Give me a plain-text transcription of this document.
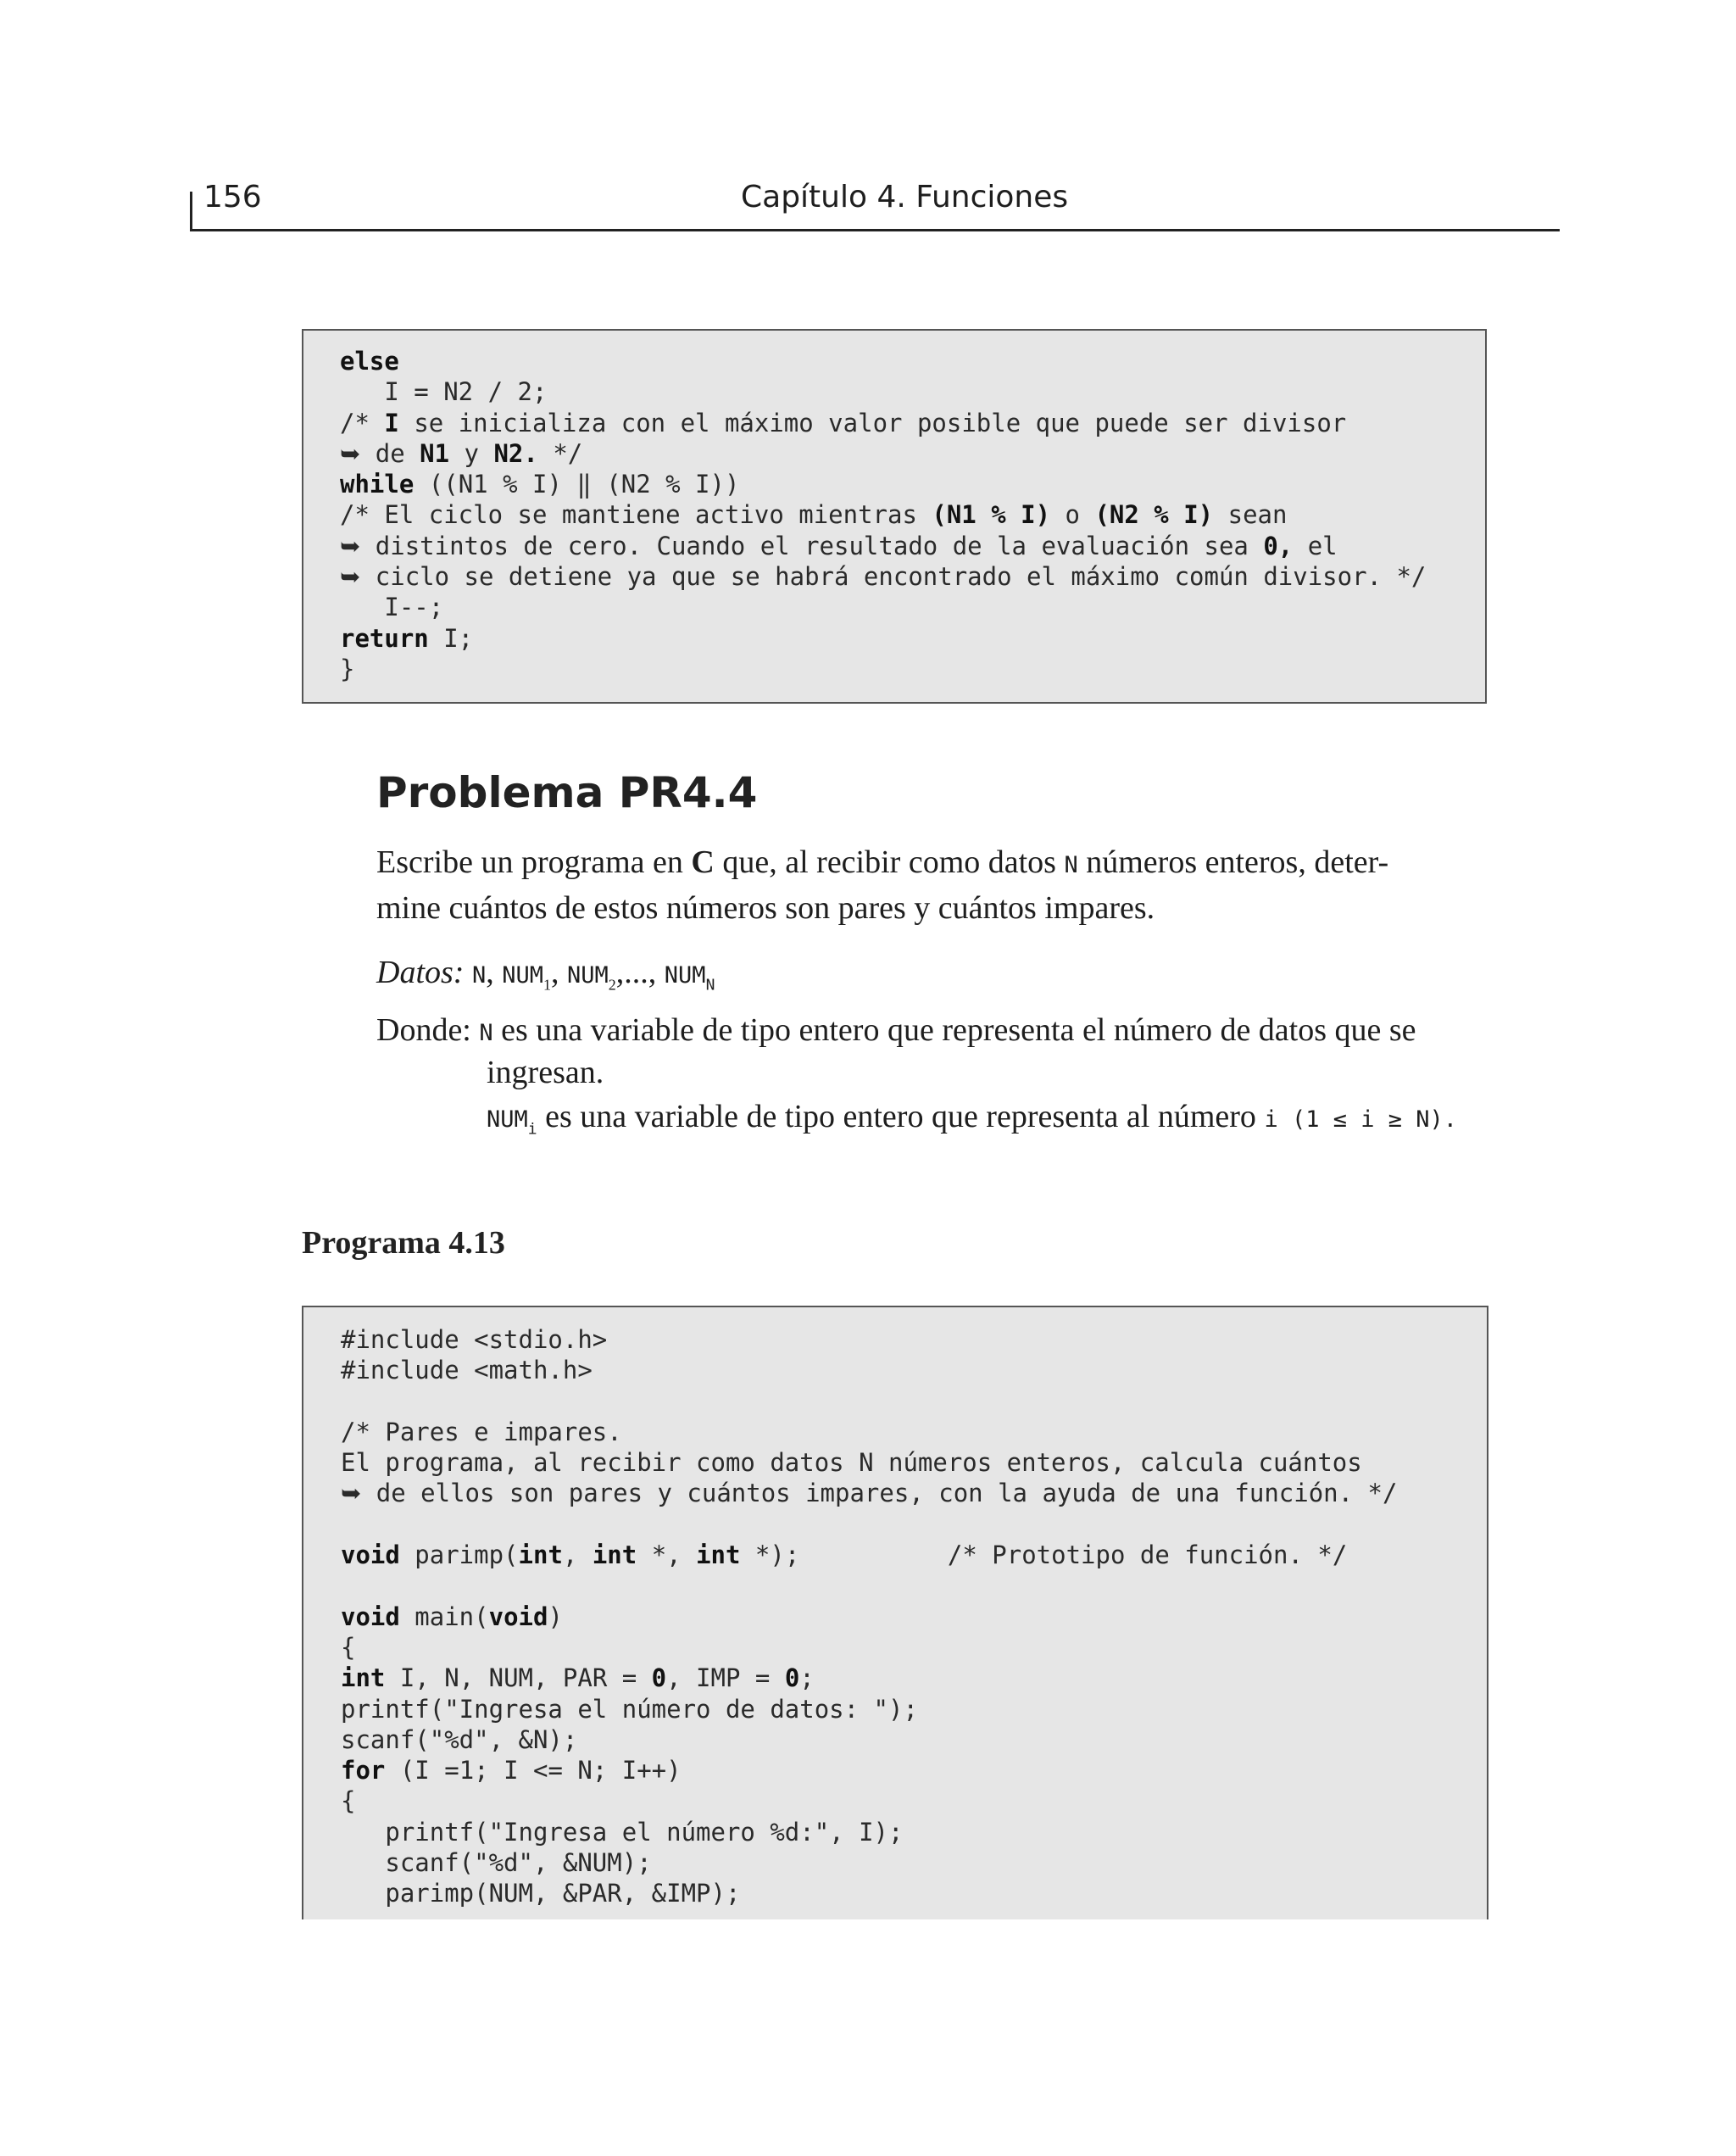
156	Capítulo 4. Funciones
else
I = N2 / 2;
/* I se inicializa con el máximo valor posible que puede ser divisor
➥ de N1 y N2. */
while ((N1 % I) ‖ (N2 % I))
/* El ciclo se mantiene activo mientras (N1 % I) o (N2 % I) sean
➥ distintos de cero. Cuando el resultado de la evaluación sea 0, el
➥ ciclo se detiene ya que se habrá encontrado el máximo común divisor. */
I--;
return I;
}
Problema PR4.4
Escribe un programa en C que, al recibir como datos N números enteros, deter-
mine cuántos de estos números son pares y cuántos impares.
Datos: N, $NUM_1$, $NUM_2$,..., $NUM_N$
Donde: N es una variable de tipo entero que representa el número de datos que se
ingresan.
$NUM_i$ es una variable de tipo entero que representa al número i (1 ≤ i ≥ N).
Programa 4.13
#include <stdio.h>
#include <math.h>

/* Pares e impares.
El programa, al recibir como datos N números enteros, calcula cuántos
➥ de ellos son pares y cuántos impares, con la ayuda de una función. */

void parimp(int, int *, int *);          /* Prototipo de función. */

void main(void)
{
int I, N, NUM, PAR = 0, IMP = 0;
printf("Ingresa el número de datos: ");
scanf("%d", &N);
for (I =1; I <= N; I++)
{
printf("Ingresa el número %d:", I);
scanf("%d", &NUM);
parimp(NUM, &PAR, &IMP);
